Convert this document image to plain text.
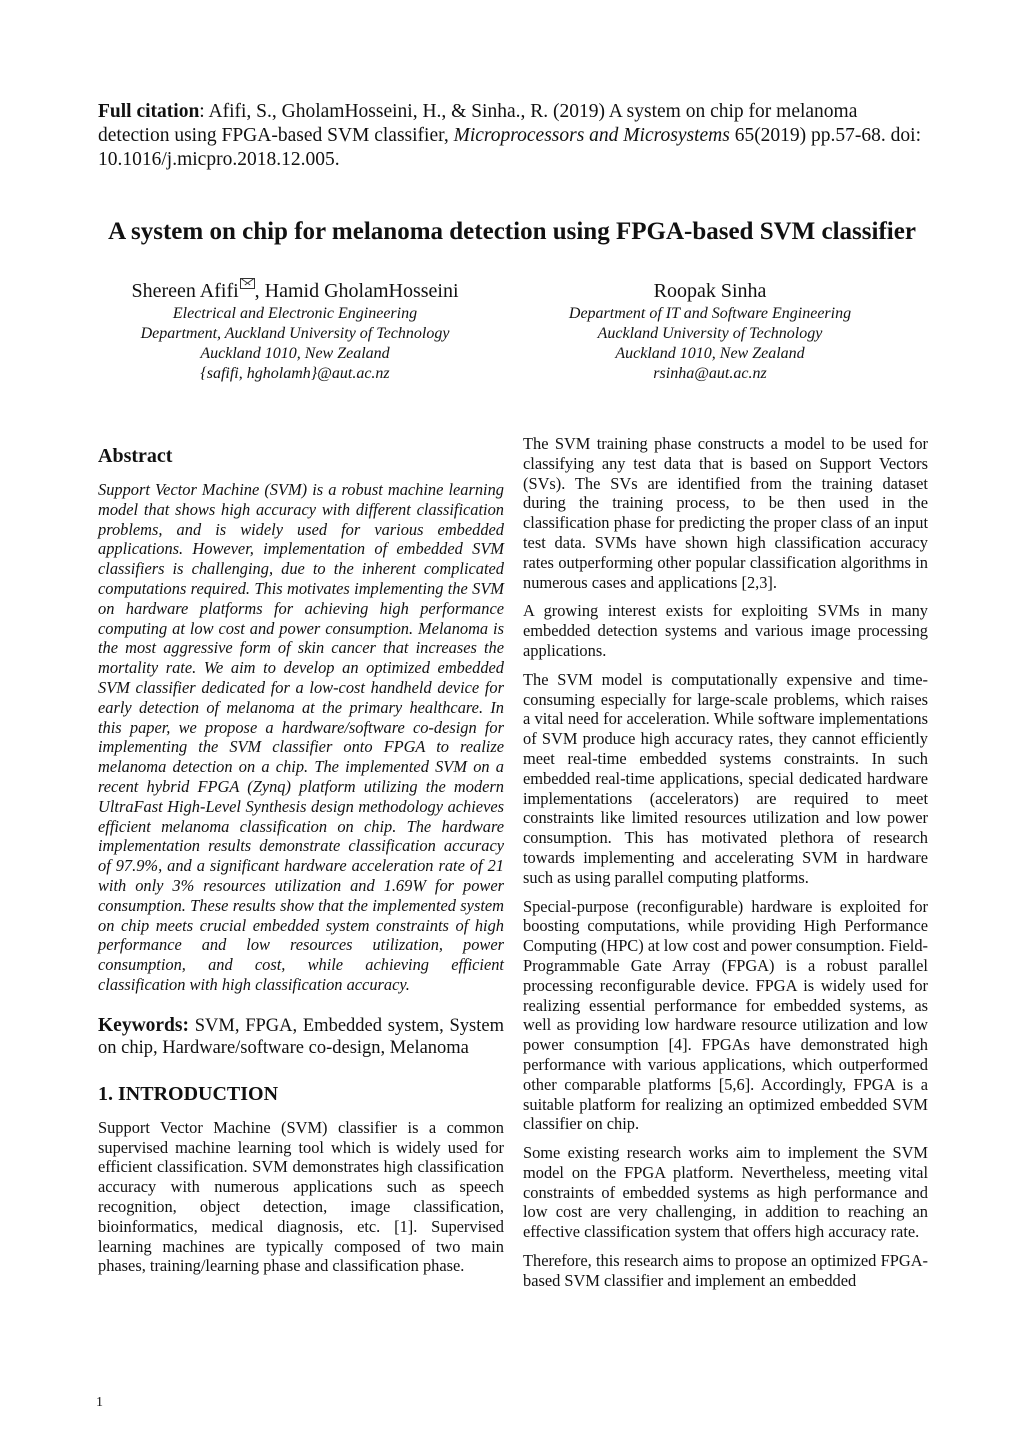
Full citation: Afifi, S., GholamHosseini, H., & Sinha., R. (2019) A system on chip for melanoma detection using FPGA-based SVM classifier, Microprocessors and Microsystems 65(2019) pp.57-68. doi: 10.1016/j.micpro.2018.12.005.
A system on chip for melanoma detection using FPGA-based SVM classifier
Shereen Afifi , Hamid GholamHosseini
Electrical and Electronic Engineering
Department, Auckland University of Technology
Auckland 1010, New Zealand
{safifi, hgholamh}@aut.ac.nz
Roopak Sinha
Department of IT and Software Engineering
Auckland University of Technology
Auckland 1010, New Zealand
rsinha@aut.ac.nz
Abstract

Support Vector Machine (SVM) is a robust machine learning model that shows high accuracy with different classification problems, and is widely used for various embedded applications. However, implementation of embedded SVM classifiers is challenging, due to the inherent complicated computations required. This motivates implementing the SVM on hardware platforms for achieving high performance computing at low cost and power consumption. Melanoma is the most aggressive form of skin cancer that increases the mortality rate. We aim to develop an optimized embedded SVM classifier dedicated for a low-cost handheld device for early detection of melanoma at the primary healthcare. In this paper, we propose a hardware/software co-design for implementing the SVM classifier onto FPGA to realize melanoma detection on a chip. The implemented SVM on a recent hybrid FPGA (Zynq) platform utilizing the modern UltraFast High-Level Synthesis design methodology achieves efficient melanoma classification on chip. The hardware implementation results demonstrate classification accuracy of 97.9%, and a significant hardware acceleration rate of 21 with only 3% resources utilization and 1.69W for power consumption. These results show that the implemented system on chip meets crucial embedded system constraints of high performance and low resources utilization, power consumption, and cost, while achieving efficient classification with high classification accuracy.

Keywords: SVM, FPGA, Embedded system, System on chip, Hardware/software co-design, Melanoma

1. INTRODUCTION

Support Vector Machine (SVM) classifier is a common supervised machine learning tool which is widely used for efficient classification. SVM demonstrates high classification accuracy with numerous applications such as speech recognition, object detection, image classification, bioinformatics, medical diagnosis, etc. [1]. Supervised learning machines are typically composed of two main phases, training/learning phase and classification phase.

The SVM training phase constructs a model to be used for classifying any test data that is based on Support Vectors (SVs). The SVs are identified from the training dataset during the training process, to be then used in the classification phase for predicting the proper class of an input test data. SVMs have shown high classification accuracy rates outperforming other popular classification algorithms in numerous cases and applications [2,3].

A growing interest exists for exploiting SVMs in many embedded detection systems and various image processing applications.

The SVM model is computationally expensive and time-consuming especially for large-scale problems, which raises a vital need for acceleration. While software implementations of SVM produce high accuracy rates, they cannot efficiently meet real-time embedded systems constraints. In such embedded real-time applications, special dedicated hardware implementations (accelerators) are required to meet constraints like limited resources utilization and low power consumption. This has motivated plethora of research towards implementing and accelerating SVM in hardware such as using parallel computing platforms.

Special-purpose (reconfigurable) hardware is exploited for boosting computations, while providing High Performance Computing (HPC) at low cost and power consumption. Field-Programmable Gate Array (FPGA) is a robust parallel processing reconfigurable device. FPGA is widely used for realizing essential performance for embedded systems, as well as providing low hardware resource utilization and low power consumption [4]. FPGAs have demonstrated high performance with various applications, which outperformed other comparable platforms [5,6]. Accordingly, FPGA is a suitable platform for realizing an optimized embedded SVM classifier on chip.

Some existing research works aim to implement the SVM model on the FPGA platform. Nevertheless, meeting vital constraints of embedded systems as high performance and low cost are very challenging, in addition to reaching an effective classification system that offers high accuracy rate.

Therefore, this research aims to propose an optimized FPGA-based SVM classifier and implement an embedded

1
